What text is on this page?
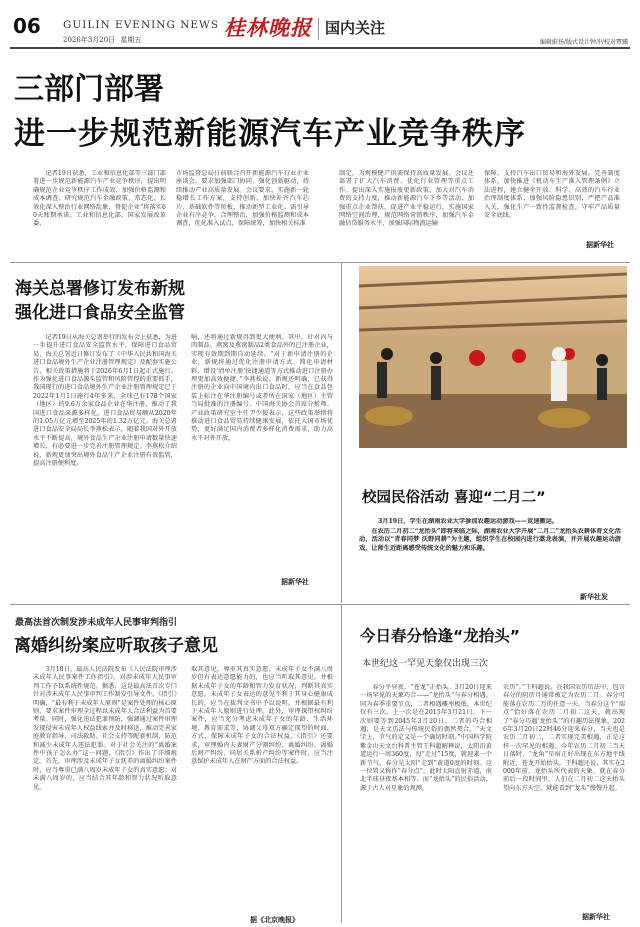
06 GUILIN EVENING NEWS
2026年3月20日 星期五	桂林晚报 国内关注
编辑蔚扬/版式设计钟冲/校对覃骥
三部门部署
进一步规范新能源汽车产业竞争秩序

记者19日获悉，工业和信息化部等三部门部署进一步规范新能源汽车产业竞争秩序，提出明确规范企业竞争秩序工作成效、加强价格监测和成本调查，研究规范汽车金融政策，常态化、长效化深入整治行业网络乱象，督促企业“将落实60天账期承诺。工业和信息化部、国家发展改革委、

市场监督总局日前联合召开新能源汽车行业企业座谈会，要求加强部门协同，强化创新驱动，持续推动产业高质量发展。会议要求，实施新一轮稳增长工作方案，支持创新，加快补齐汽车芯片、基础软件等短板，推动新型工业化。需引导企业有序竞争，合理整治，加强价格监测和成本调查，优化准入试点，保障统筹，加快相关标准

制定，为规模健产供需保持高质量发展。会议还部署了扩大汽车消费、优化行业管理等重点工作。提出深入实施报废更新政策，加大对汽车消费的支持力度，推动新能源汽车下乡等活动，加强重点企业帮扶，促进产业平稳运行，实施国家网络空间治理，规范网络营销秩序，加强汽车金融信贷服务水平，加强国际物流运输

保障，支持汽车出口贸易和海外发展。完善制度体系，加快推进《机动车生产准入管理条例》立法进程，建立健全开放、科学、高效的汽车行业治理制度体系；加强风险隐患识别，严把产品准入关，强化生产一致性监督检查，守牢产品质量安全底线。

据新华社
海关总署修订发布新规
强化进口食品安全监管

记者19日从海关总署举行的发布会上获悉，为进一步提升进口食品安全监管水平，保障进口食品贸易，海关总署近日修订发布了《中华人民共和国海关进口食品境外生产企业注册管理规定》及配套实施公告，相关政策措施将于2026年6月1日起正式施行。作为强化进口食品源头监管和风险管控的重要抓手，我国现行的进口食品境外生产企业注册管理规定已于2022年1月1日施行4年多来，全球已有178个国家（地区）的9.6万余家食品企业在华注册，推动了我国进口食品来源多样化，进口食品贸易额从2020年的1.05万亿元增至2025年的1.32万亿元。海关总署进口食品安全局局长李燕松表示，随着我国对外开放水平不断提高，境外食品生产企业注册申请数量快速增长，有必要进一步完善注册管理规定。李燕松介绍说，新规更加突出境外食品生产企业注册有效监管，提高注册便利度。

响，还将通过新规得到更大便利。其中，针对内与肉制品、燕窝及燕窝制品2类食品外的已注册企业，实现有效期到期自动延续。“对于新申请注册的企业，新规将通过优化注册申请方式、简化申请材料、增设‘清单注册’快捷通道等方式推动进口注册办理更加高效便捷。”李燕松说。新规还明确，已获得注册的企业向中国境内出口食品时，应当在食品包装上标注在华注册编号或者所在国家（地区）主管当局批准的注册编号。中国海关协会首席分析师、产业政策研究室主任尹少俊表示，这些政策举措将推动进口食品贸易持续健康发展，依托大国市场优势，更好满足国内消费者多样化消费需求，助力高水平对外开放。

据新华社
校园民俗活动 喜迎“二月二”
3月19日，学生在湖南农业大学参加农趣运动游戏——竞速搬运。
在农历二月初二“龙抬头”即将来临之际，湖南农业大学开展“二月二”龙抬头农耕体育文化活动，活动以“青春同梦 沃野同耕”为主题，组织学生在校园内进行蒸龙表演，并开展农趣运动游戏，让师生近距离感受传统文化的魅力和乐趣。
新华社发
最高法首次制发涉未成年人民事审判指引
离婚纠纷案应听取孩子意见

3月18日，最高人民法院发布《人民法院审理涉未成年人民事案件工作指引》，对涉未成年人民事审判工作予以系统性规范。据悉，这是最高法首次专门针对涉未成年人民事审判工作制发引导文件。《指引》明确，“最有利于未成年人原则”是案件处理的核心原则，要求案件审理全过程以未成年人合法利益为首要考量。同时，强化违法犯罪预防，强调通过案件审理发现侵害未成年人权益线索并及时移送，推动完善家庭教育指导、司法救助、社会支持等配套机制，防范和减少未成年人违法犯罪。对于社会关注的“离婚案件中孩子怎么办”这一问题，《指引》作出了详细规定。首先，审理涉及未成年子女抚养的离婚纠纷案件时，应当尊重已满八周岁未成年子女的真实意愿；对未满八周岁的，应当结合其年龄和智力状况听取意见。

取其意见，尊重其真实意愿。未成年子女不满八周岁但有表达意愿能力的，也应当听取其意见。并根据未成年子女的年龄和智力发育状况，判断其真实意愿。未成年子女表达的意见不利于其身心健康成长的，应当在裁判文书中予以说明。并根据最有利于未成年人原则进行处理。此外，审理探望权纠纷案件，应当充分考虑未成年子女的年龄、生活环境、教育需求等，协调父母双方确定探望的时间、方式，保障未成年子女的合法权益。《指引》还要求，审理婚内夫妻财产分割纠纷、离婚纠纷、离婚后财产纠纷、同居关系析产纠纷等案件时，应当注意保护未成年人在财产方面的合法权益。

据《北京晚报》
今日春分恰逢“龙抬头”
本世纪这一罕见天象仅出现三次

春分平昼夜，“苍龙”正抬头。3月20日迎来一场罕见的天象巧合——“龙抬头”与春分相遇。同为春季重要节点，二者相遇概率极低，本世纪仅有三次。上一次是在2015年3月21日，下一次则要等到2045年3月20日。二者的巧合相遇，是天文历法与传统民俗的偶然契合。“天文学上，节气的定义是一个确切时刻。”中国科学院紫金山天文台科普主管王科超解释说，太阳沿黄道运行一周360度，每“走过”15度，就迎来一个新节气。春分是太阳“走到”黄道0度的时刻。这一位置又称作“春分点”，此时太阳直射赤道，南北半球昼夜基本相等。而“龙抬头”的民俗活动，源于古人对星象的观测。

农历”。”王科超说。在我国农历历法中，包含春分的阴历月通常被定为农历二月。春分可能落在农历二月的任意一天。当春分这个“端点”恰好落在农历二月初二这天，就出现了“春分巧遇‘龙抬头’”的有趣历法现象。2026年3月20日22时46分迎来春分，当天也是农历二月初二，二者实现完美相遇，正是这样一次罕见的相遇。今年农历二月初二当天日落时，“龙角”星宿正好出现在东方地平线附近，苍龙开始抬头。王科超还说，其实在2000年前，龙抬头所代表的天象，就在春分前后一段时间里，人们在二月初二这天抬头望向东方天空，就能看到“龙头”慢慢升起。

据新华社
